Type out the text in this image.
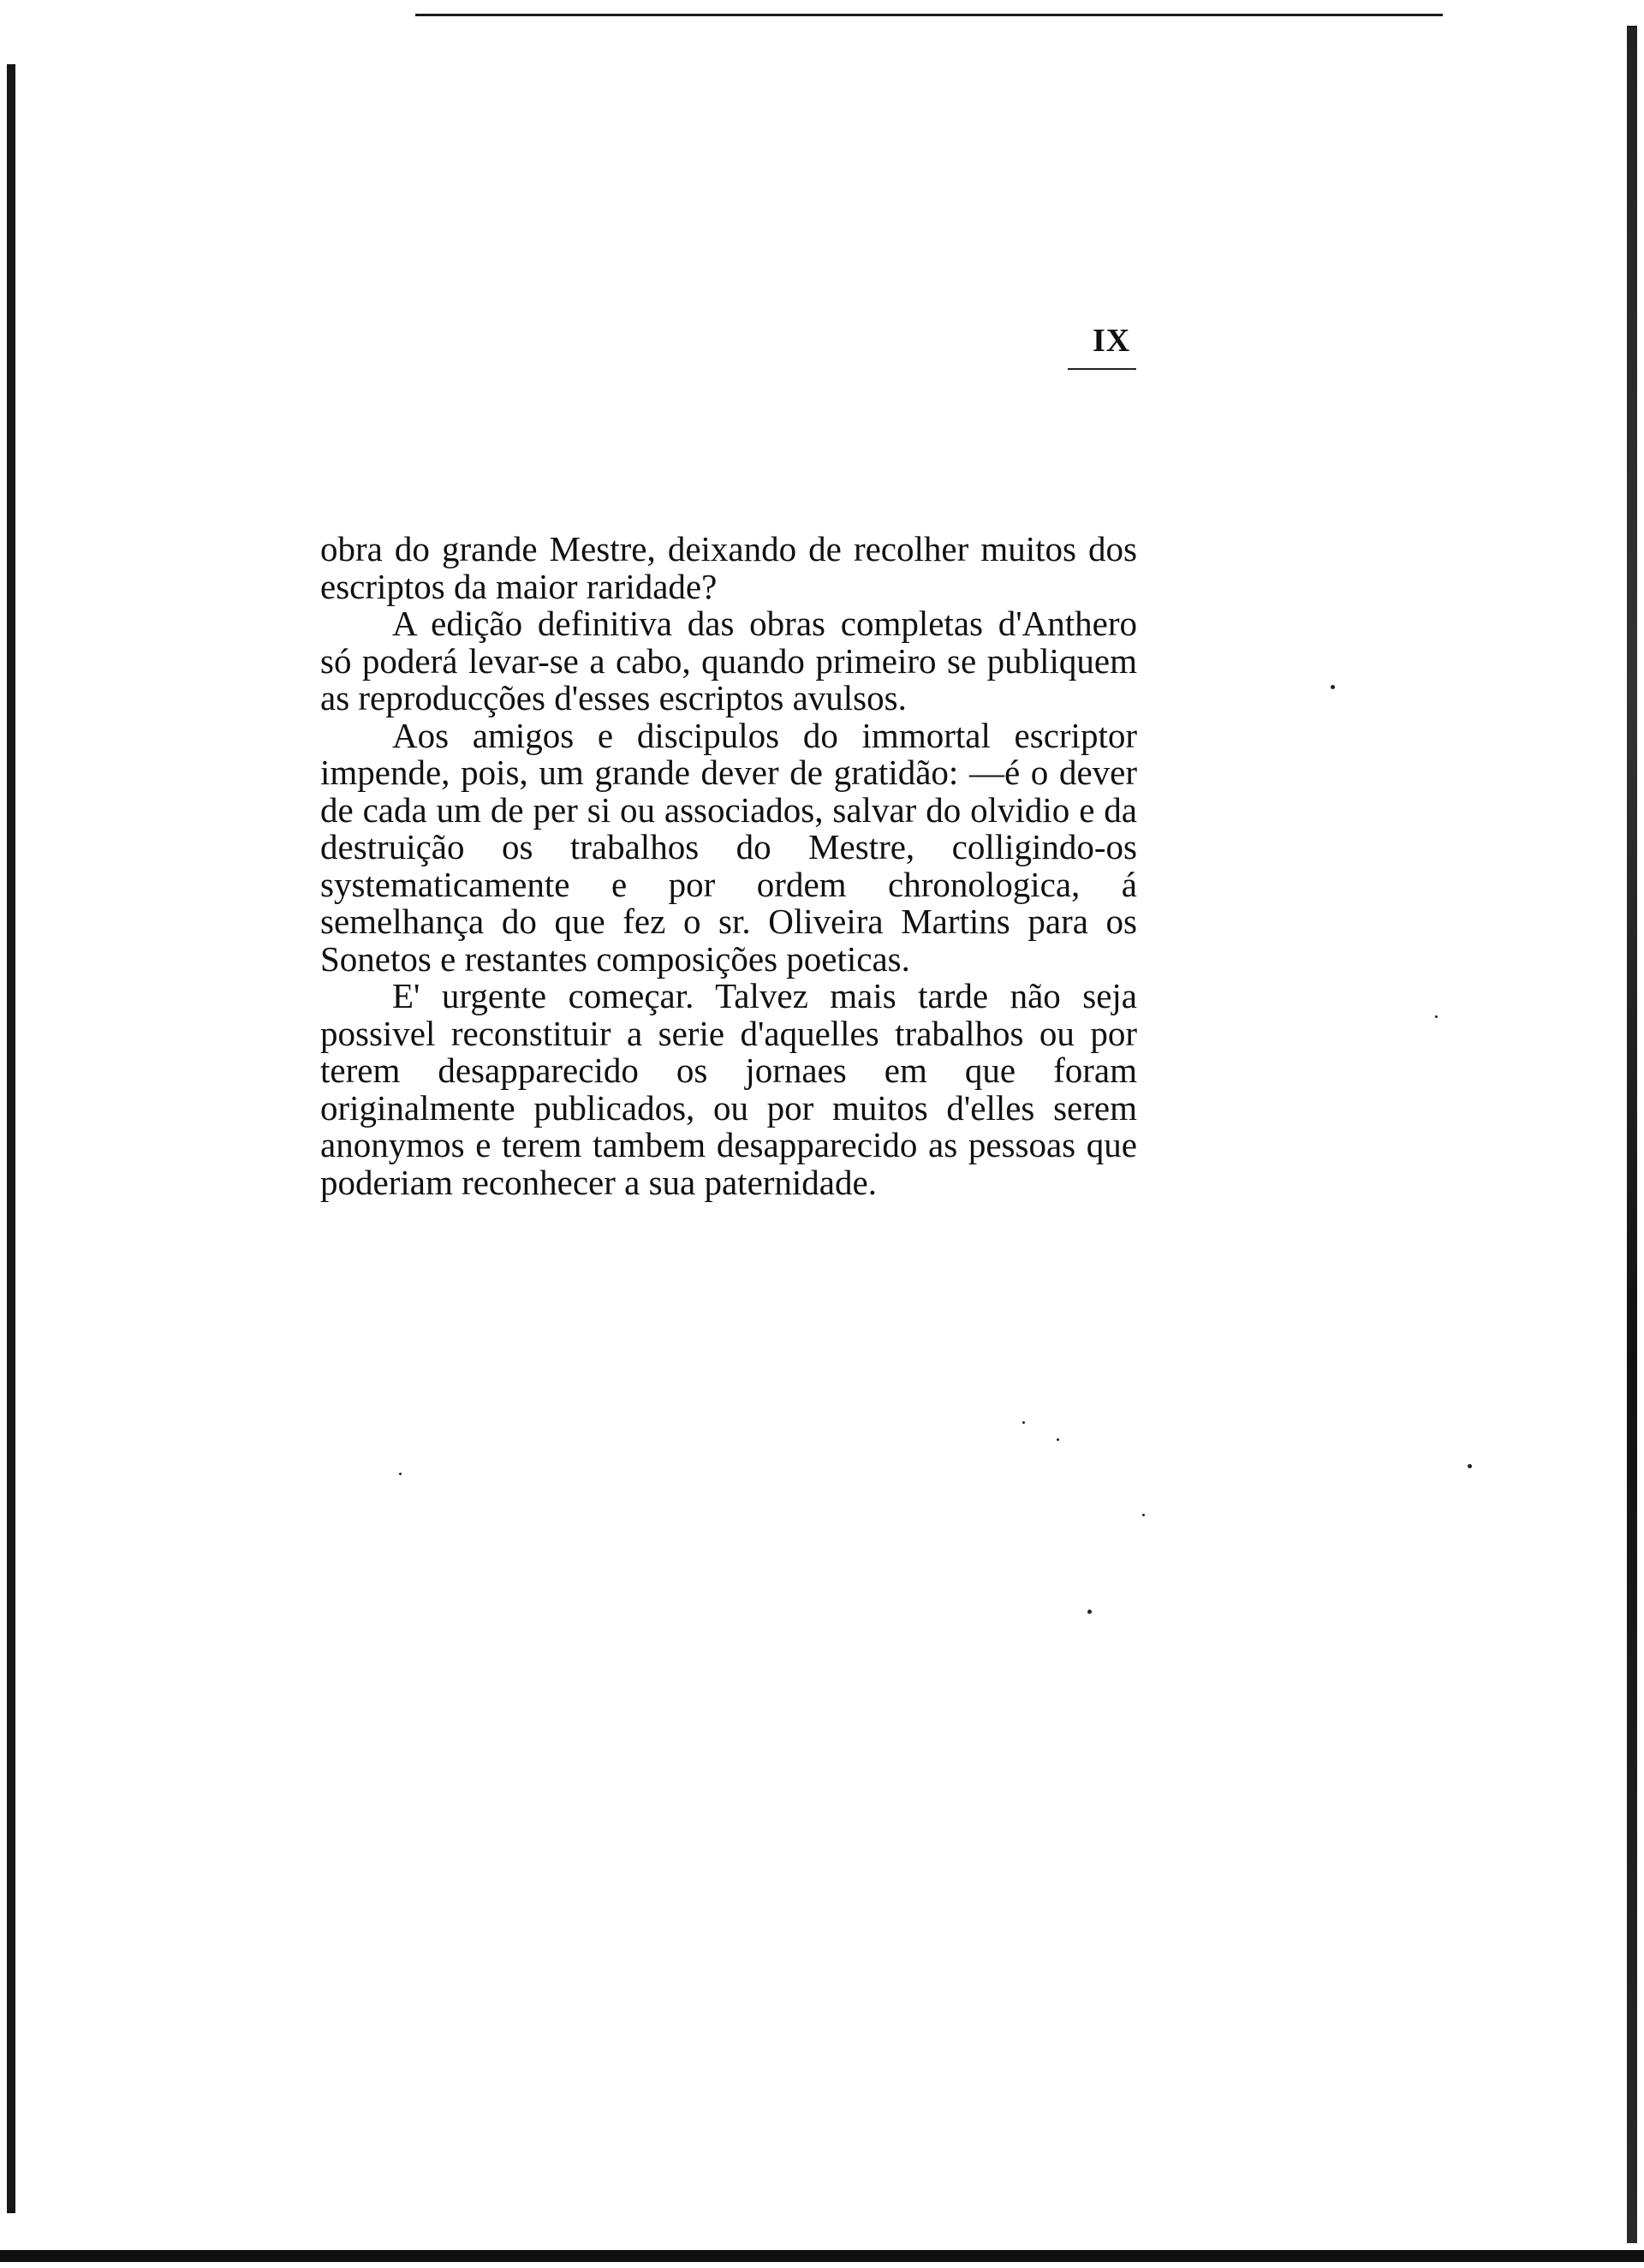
IX

obra do grande Mestre, deixando de recolher muitos dos escriptos da maior raridade?

A edição definitiva das obras completas d'Anthero só poderá levar-se a cabo, quando primeiro se publiquem as reproducções d'esses escriptos avulsos.

Aos amigos e discipulos do immortal escriptor impende, pois, um grande dever de gratidão: —é o dever de cada um de per si ou associados, salvar do olvidio e da destruição os trabalhos do Mestre, colligindo-os systematicamente e por ordem chronologica, á semelhança do que fez o sr. Oliveira Martins para os Sonetos e restantes composições poeticas.

E' urgente começar. Talvez mais tarde não seja possivel reconstituir a serie d'aquelles trabalhos ou por terem desapparecido os jornaes em que foram originalmente publicados, ou por muitos d'elles serem anonymos e terem tambem desapparecido as pessoas que poderiam reconhecer a sua paternidade.
